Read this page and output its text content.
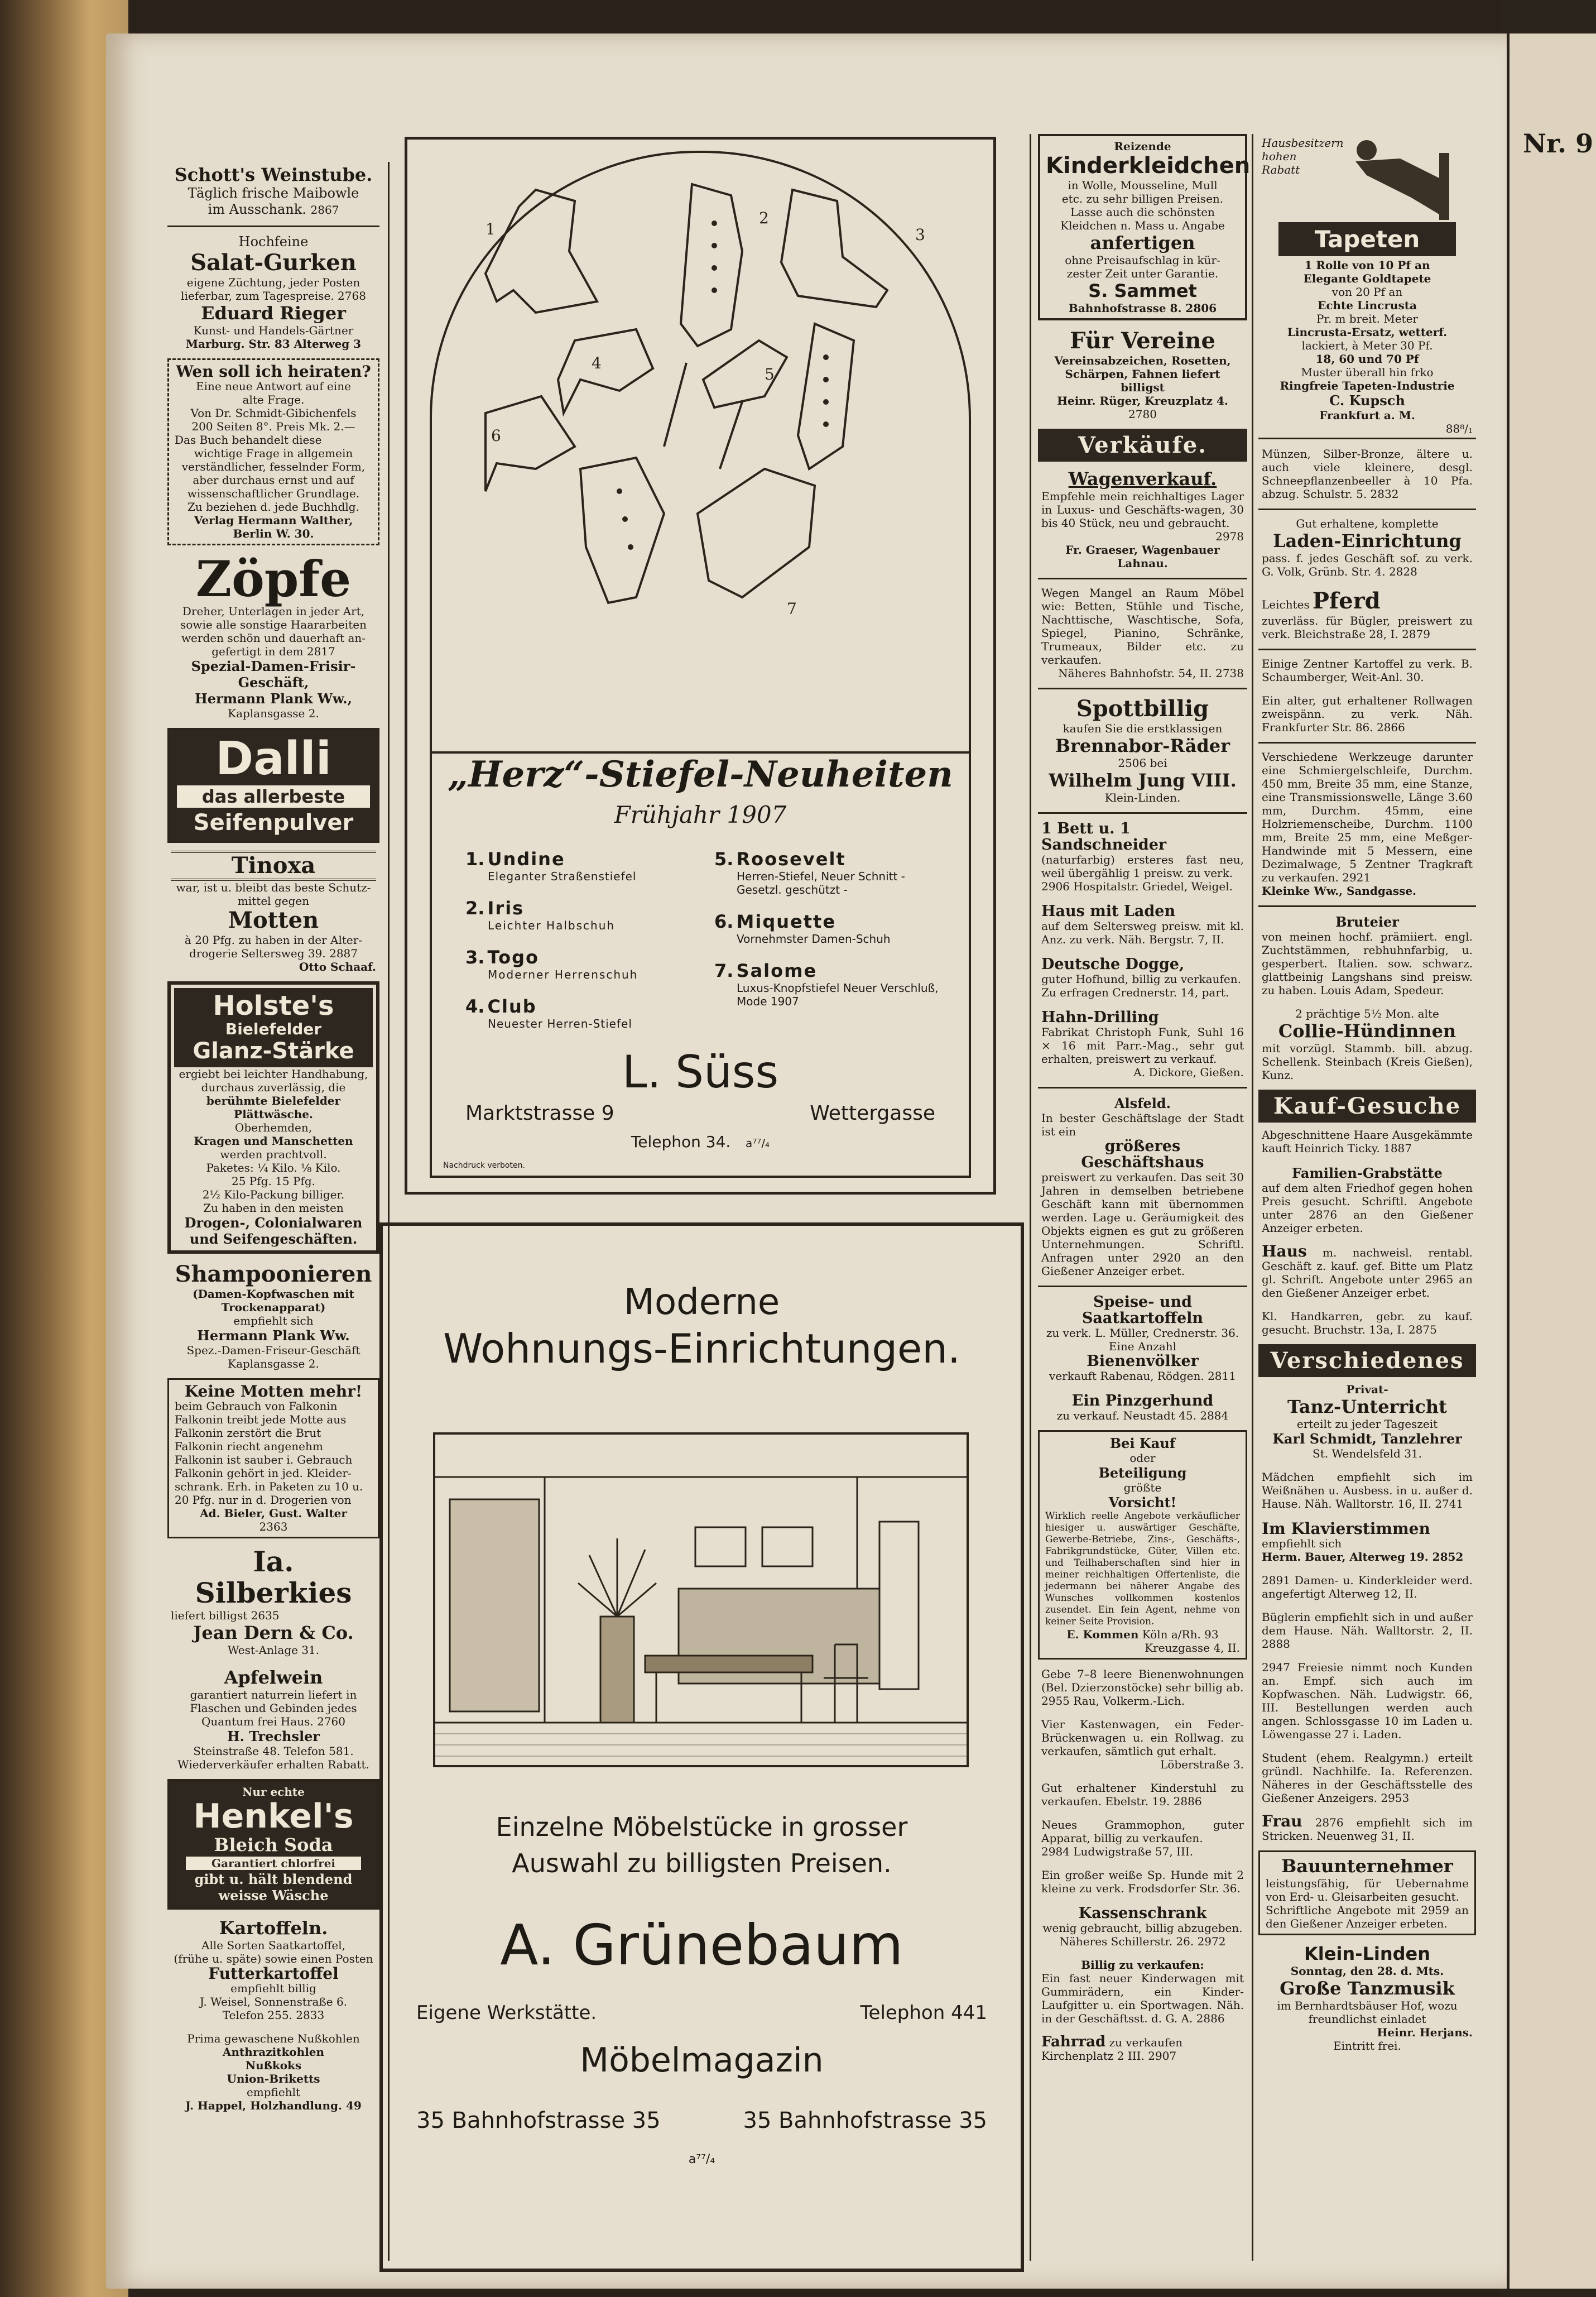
Nr. 9
Schott's Weinstube.
Täglich frische Maibowle
im Ausschank. 2867
Hochfeine
Salat-Gurken
eigene Züchtung, jeder Posten
lieferbar, zum Tagespreise. 2768
Eduard Rieger
Kunst- und Handels-Gärtner
Marburg. Str. 83 Alterweg 3
Wen soll ich heiraten?
Eine neue Antwort auf eine
alte Frage.
Von Dr. Schmidt-Gibichenfels
200 Seiten 8°. Preis Mk. 2.—
Das Buch behandelt diese
wichtige Frage in allgemein
verständlicher, fesselnder Form,
aber durchaus ernst und auf
wissenschaftlicher Grundlage.
Zu beziehen d. jede Buchhdlg.
Verlag Hermann Walther,
Berlin W. 30.
Zöpfe
Dreher, Unterlagen in jeder Art,
sowie alle sonstige Haararbeiten
werden schön und dauerhaft an-
gefertigt in dem 2817
Spezial-Damen-Frisir-Geschäft,
Hermann Plank Ww.,
Kaplansgasse 2.
Dalli
das allerbeste
Seifenpulver
Tinoxa
war, ist u. bleibt das beste Schutz-
mittel gegen
Motten
à 20 Pfg. zu haben in der Alter-
drogerie Seltersweg 39. 2887
Otto Schaaf.
Holste's
Bielefelder
Glanz-Stärke
ergiebt bei leichter Handhabung,
durchaus zuverlässig, die
berühmte Bielefelder Plättwäsche.
Oberhemden,
Kragen und Manschetten
werden prachtvoll.
Paketes: ¼ Kilo. ⅛ Kilo.
25 Pfg. 15 Pfg.
2½ Kilo-Packung billiger.
Zu haben in den meisten
Drogen-, Colonialwaren
und Seifengeschäften.
Shampoonieren
(Damen-Kopfwaschen mit Trockenapparat)
empfiehlt sich
Hermann Plank Ww.
Spez.-Damen-Friseur-Geschäft
Kaplansgasse 2.
Keine Motten mehr!
beim Gebrauch von Falkonin
Falkonin treibt jede Motte aus
Falkonin zerstört die Brut
Falkonin riecht angenehm
Falkonin ist sauber i. Gebrauch
Falkonin gehört in jed. Kleider-
schrank. Erh. in Paketen zu 10 u.
20 Pfg. nur in d. Drogerien von
Ad. Bieler, Gust. Walter
2363
Ia. Silberkies
liefert billigst 2635
Jean Dern & Co.
West-Anlage 31.
Apfelwein
garantiert naturrein liefert in
Flaschen und Gebinden jedes
Quantum frei Haus. 2760
H. Trechsler
Steinstraße 48. Telefon 581.
Wiederverkäufer erhalten Rabatt.
Nur echte
Henkel's
Bleich Soda
Garantiert chlorfrei
gibt u. hält blendend
weisse Wäsche
Kartoffeln.
Alle Sorten Saatkartoffel,
(frühe u. späte) sowie einen Posten
Futterkartoffel
empfiehlt billig
J. Weisel, Sonnenstraße 6.
Telefon 255. 2833
Prima gewaschene Nußkohlen
Anthrazitkohlen
Nußkoks
Union-Briketts
empfiehlt
J. Happel, Holzhandlung. 49
1
2
3
4
5
6
7
„Herz“-Stiefel-Neuheiten
Frühjahr 1907
1. Undine
Eleganter Straßenstiefel
2. Iris
Leichter Halbschuh
3. Togo
Moderner Herrenschuh
4. Club
Neuester Herren-Stiefel
5. Roosevelt
Herren-Stiefel, Neuer Schnitt - Gesetzl. geschützt -
6. Miquette
Vornehmster Damen-Schuh
7. Salome
Luxus-Knopfstiefel Neuer Verschluß, Mode 1907
L. Süss
Marktstrasse 9	Wettergasse
Telephon 34. a⁷⁷/₄
Nachdruck verboten.
Moderne
Wohnungs-Einrichtungen.
Einzelne Möbelstücke in grosser
Auswahl zu billigsten Preisen.
A. Grünebaum
Eigene Werkstätte.	Telephon 441
Möbelmagazin
35 Bahnhofstrasse 35	35 Bahnhofstrasse 35
a⁷⁷/₄
Reizende
Kinderkleidchen
in Wolle, Mousseline, Mull
etc. zu sehr billigen Preisen.
Lasse auch die schönsten
Kleidchen n. Mass u. Angabe
anfertigen
ohne Preisaufschlag in kür-
zester Zeit unter Garantie.
S. Sammet
Bahnhofstrasse 8. 2806
Für Vereine
Vereinsabzeichen, Rosetten,
Schärpen, Fahnen liefert billigst
Heinr. Rüger, Kreuzplatz 4.
2780
Verkäufe.
Wagenverkauf.
Empfehle mein reichhaltiges Lager in Luxus- und Geschäfts-wagen, 30 bis 40 Stück, neu und gebraucht.
2978
Fr. Graeser, Wagenbauer Lahnau.
Wegen Mangel an Raum Möbel wie: Betten, Stühle und Tische, Nachttische, Waschtische, Sofa, Spiegel, Pianino, Schränke, Trumeaux, Bilder etc. zu verkaufen.
Näheres Bahnhofstr. 54, II. 2738
Spottbillig
kaufen Sie die erstklassigen
Brennabor-Räder
2506 bei
Wilhelm Jung VIII.
Klein-Linden.
1 Bett u. 1 Sandschneider
(naturfarbig) ersteres fast neu, weil übergählig 1 preisw. zu verk.
2906 Hospitalstr. Griedel, Weigel.
Haus mit Laden
auf dem Seltersweg preisw. mit kl. Anz. zu verk. Näh. Bergstr. 7, II.
Deutsche Dogge,
guter Hofhund, billig zu verkaufen.
Zu erfragen Crednerstr. 14, part.
Hahn-Drilling
Fabrikat Christoph Funk, Suhl 16 × 16 mit Parr.-Mag., sehr gut erhalten, preiswert zu verkauf.
A. Dickore, Gießen.
Alsfeld.
In bester Geschäftslage der Stadt ist ein
größeres Geschäftshaus
preiswert zu verkaufen. Das seit 30 Jahren in demselben betriebene Geschäft kann mit übernommen werden. Lage u. Geräumigkeit des Objekts eignen es gut zu größeren Unternehmungen. Schriftl. Anfragen unter 2920 an den Gießener Anzeiger erbet.
Speise- und Saatkartoffeln
zu verk. L. Müller, Crednerstr. 36.
Eine Anzahl
Bienenvölker
verkauft Rabenau, Rödgen. 2811
Ein Pinzgerhund
zu verkauf. Neustadt 45. 2884
Bei Kauf
oder
Beteiligung
größte
Vorsicht!
Wirklich reelle Angebote verkäuflicher hiesiger u. auswärtiger Geschäfte, Gewerbe-Betriebe, Zins-, Geschäfts-, Fabrikgrundstücke, Güter, Villen etc. und Teilhaberschaften sind hier in meiner reichhaltigen Offertenliste, die jedermann bei näherer Angabe des Wunsches vollkommen kostenlos zusendet. Ein fein Agent, nehme von keiner Seite Provision.
E. Kommen Köln a/Rh. 93
Kreuzgasse 4, II.
Gebe 7–8 leere Bienenwohnungen (Bel. Dzierzonstöcke) sehr billig ab.
2955 Rau, Volkerm.-Lich.
Vier Kastenwagen, ein Feder-Brückenwagen u. ein Rollwag. zu verkaufen, sämtlich gut erhalt.
Löberstraße 3.
Gut erhaltener Kinderstuhl zu verkaufen. Ebelstr. 19. 2886
Neues Grammophon, guter Apparat, billig zu verkaufen.
2984 Ludwigstraße 57, III.
Ein großer weiße Sp. Hunde mit 2 kleine zu verk. Frodsdorfer Str. 36.
Kassenschrank
wenig gebraucht, billig abzugeben. Näheres Schillerstr. 26. 2972
Billig zu verkaufen:
Ein fast neuer Kinderwagen mit Gummirädern, ein Kinder-Laufgitter u. ein Sportwagen. Näh. in der Geschäftsst. d. G. A. 2886
Fahrrad zu verkaufen Kirchenplatz 2 III. 2907
Hausbesitzern hohen Rabatt
Tapeten
1 Rolle von 10 Pf an
Elegante Goldtapete
von 20 Pf an
Echte Lincrusta
Pr. m breit. Meter
Lincrusta-Ersatz, wetterf.
lackiert, à Meter 30 Pf.
18, 60 und 70 Pf
Muster überall hin frko
Ringfreie Tapeten-Industrie
C. Kupsch
Frankfurt a. M.
88⁸/₁
Münzen, Silber-Bronze, ältere u. auch viele kleinere, desgl. Schneepflanzenbeeller à 10 Pfa. abzug. Schulstr. 5. 2832
Gut erhaltene, komplette
Laden-Einrichtung
pass. f. jedes Geschäft sof. zu verk. G. Volk, Grünb. Str. 4. 2828
Leichtes Pferd
zuverläss. für Bügler, preiswert zu verk. Bleichstraße 28, I. 2879
Einige Zentner Kartoffel zu verk. B. Schaumberger, Weit-Anl. 30.
Ein alter, gut erhaltener Rollwagen zweispänn. zu verk. Näh. Frankfurter Str. 86. 2866
Verschiedene Werkzeuge darunter eine Schmiergelschleife, Durchm. 450 mm, Breite 35 mm, eine Stanze, eine Transmissionswelle, Länge 3.60 mm, Durchm. 45mm, eine Holzriemenscheibe, Durchm. 1100 mm, Breite 25 mm, eine Meßger-Handwinde mit 5 Messern, eine Dezimalwage, 5 Zentner Tragkraft zu verkaufen. 2921
Kleinke Ww., Sandgasse.
Bruteier
von meinen hochf. prämiiert. engl. Zuchtstämmen, rebhuhnfarbig, u. gesperbert. Italien. sow. schwarz. glattbeinig Langshans sind preisw. zu haben. Louis Adam, Spedeur.
2 prächtige 5½ Mon. alte
Collie-Hündinnen
mit vorzügl. Stammb. bill. abzug. Schellenk. Steinbach (Kreis Gießen), Kunz.
Kauf-Gesuche
Abgeschnittene Haare Ausgekämmte kauft Heinrich Ticky. 1887
Familien-Grabstätte
auf dem alten Friedhof gegen hohen Preis gesucht. Schriftl. Angebote unter 2876 an den Gießener Anzeiger erbeten.
Haus m. nachweisl. rentabl. Geschäft z. kauf. gef. Bitte um Platz gl. Schrift. Angebote unter 2965 an den Gießener Anzeiger erbet.
Kl. Handkarren, gebr. zu kauf. gesucht. Bruchstr. 13a, I. 2875
Verschiedenes
Privat-
Tanz-Unterricht
erteilt zu jeder Tageszeit
Karl Schmidt, Tanzlehrer
St. Wendelsfeld 31.
Mädchen empfiehlt sich im Weißnähen u. Ausbess. in u. außer d. Hause. Näh. Walltorstr. 16, II. 2741
Im Klavierstimmen
empfiehlt sich
Herm. Bauer, Alterweg 19. 2852
2891 Damen- u. Kinderkleider werd. angefertigt Alterweg 12, II.
Büglerin empfiehlt sich in und außer dem Hause. Näh. Walltorstr. 2, II. 2888
2947 Freiesie nimmt noch Kunden an. Empf. sich auch im Kopfwaschen. Näh. Ludwigstr. 66, III. Bestellungen werden auch angen. Schlossgasse 10 im Laden u. Löwengasse 27 i. Laden.
Student (ehem. Realgymn.) erteilt gründl. Nachhilfe. Ia. Referenzen. Näheres in der Geschäftsstelle des Gießener Anzeigers. 2953
Frau 2876 empfiehlt sich im Stricken. Neuenweg 31, II.
Bauunternehmer
leistungsfähig, für Uebernahme von Erd- u. Gleisarbeiten gesucht.
Schriftliche Angebote mit 2959 an den Gießener Anzeiger erbeten.
Klein-Linden
Sonntag, den 28. d. Mts.
Große Tanzmusik
im Bernhardtsbäuser Hof, wozu freundlichst einladet
Heinr. Herjans.
Eintritt frei.
